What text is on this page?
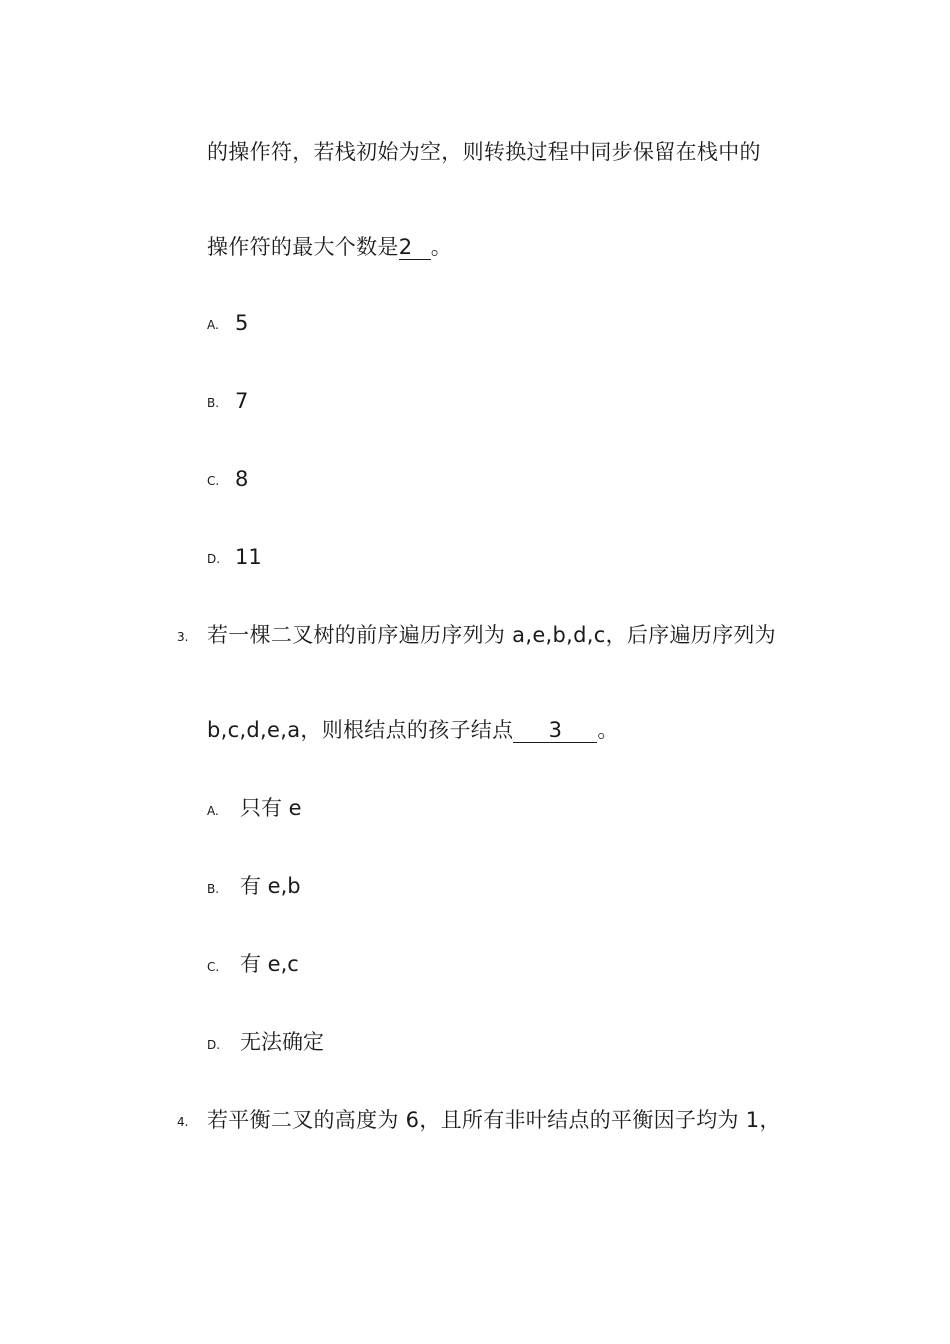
的操作符，若栈初始为空，则转换过程中同步保留在栈中的
操作符的最大个数是2 。
A. 5
B. 7
C. 8
D. 11
3. 若一棵二叉树的前序遍历序列为 a,e,b,d,c，后序遍历序列为
b,c,d,e,a，则根结点的孩子结点 3 。
A. 只有 e
B. 有 e,b
C. 有 e,c
D. 无法确定
4. 若平衡二叉的高度为 6，且所有非叶结点的平衡因子均为 1，
